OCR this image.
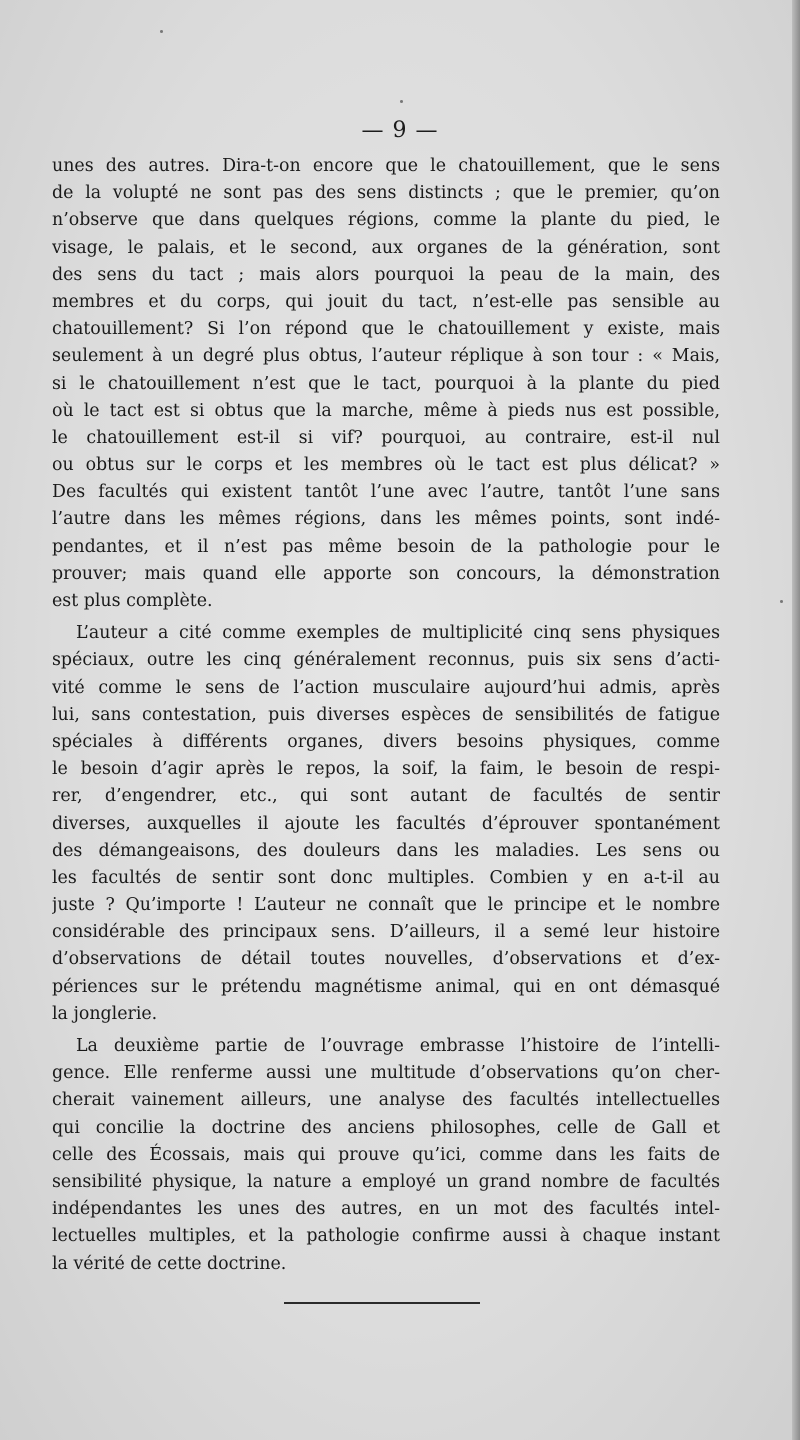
— 9 —
unes des autres. Dira-t-on encore que le chatouillement, que le sens
de la volupté ne sont pas des sens distincts ; que le premier, qu’on
n’observe que dans quelques régions, comme la plante du pied, le
visage, le palais, et le second, aux organes de la génération, sont
des sens du tact ; mais alors pourquoi la peau de la main, des
membres et du corps, qui jouit du tact, n’est-elle pas sensible au
chatouillement? Si l’on répond que le chatouillement y existe, mais
seulement à un degré plus obtus, l’auteur réplique à son tour : « Mais,
si le chatouillement n’est que le tact, pourquoi à la plante du pied
où le tact est si obtus que la marche, même à pieds nus est possible,
le chatouillement est-il si vif? pourquoi, au contraire, est-il nul
ou obtus sur le corps et les membres où le tact est plus délicat? »
Des facultés qui existent tantôt l’une avec l’autre, tantôt l’une sans
l’autre dans les mêmes régions, dans les mêmes points, sont indé-
pendantes, et il n’est pas même besoin de la pathologie pour le
prouver; mais quand elle apporte son concours, la démonstration
est plus complète.
L’auteur a cité comme exemples de multiplicité cinq sens physiques
spéciaux, outre les cinq généralement reconnus, puis six sens d’acti-
vité comme le sens de l’action musculaire aujourd’hui admis, après
lui, sans contestation, puis diverses espèces de sensibilités de fatigue
spéciales à différents organes, divers besoins physiques, comme
le besoin d’agir après le repos, la soif, la faim, le besoin de respi-
rer, d’engendrer, etc., qui sont autant de facultés de sentir
diverses, auxquelles il ajoute les facultés d’éprouver spontanément
des démangeaisons, des douleurs dans les maladies. Les sens ou
les facultés de sentir sont donc multiples. Combien y en a-t-il au
juste ? Qu’importe ! L’auteur ne connaît que le principe et le nombre
considérable des principaux sens. D’ailleurs, il a semé leur histoire
d’observations de détail toutes nouvelles, d’observations et d’ex-
périences sur le prétendu magnétisme animal, qui en ont démasqué
la jonglerie.
La deuxième partie de l’ouvrage embrasse l’histoire de l’intelli-
gence. Elle renferme aussi une multitude d’observations qu’on cher-
cherait vainement ailleurs, une analyse des facultés intellectuelles
qui concilie la doctrine des anciens philosophes, celle de Gall et
celle des Écossais, mais qui prouve qu’ici, comme dans les faits de
sensibilité physique, la nature a employé un grand nombre de facultés
indépendantes les unes des autres, en un mot des facultés intel-
lectuelles multiples, et la pathologie confirme aussi à chaque instant
la vérité de cette doctrine.
